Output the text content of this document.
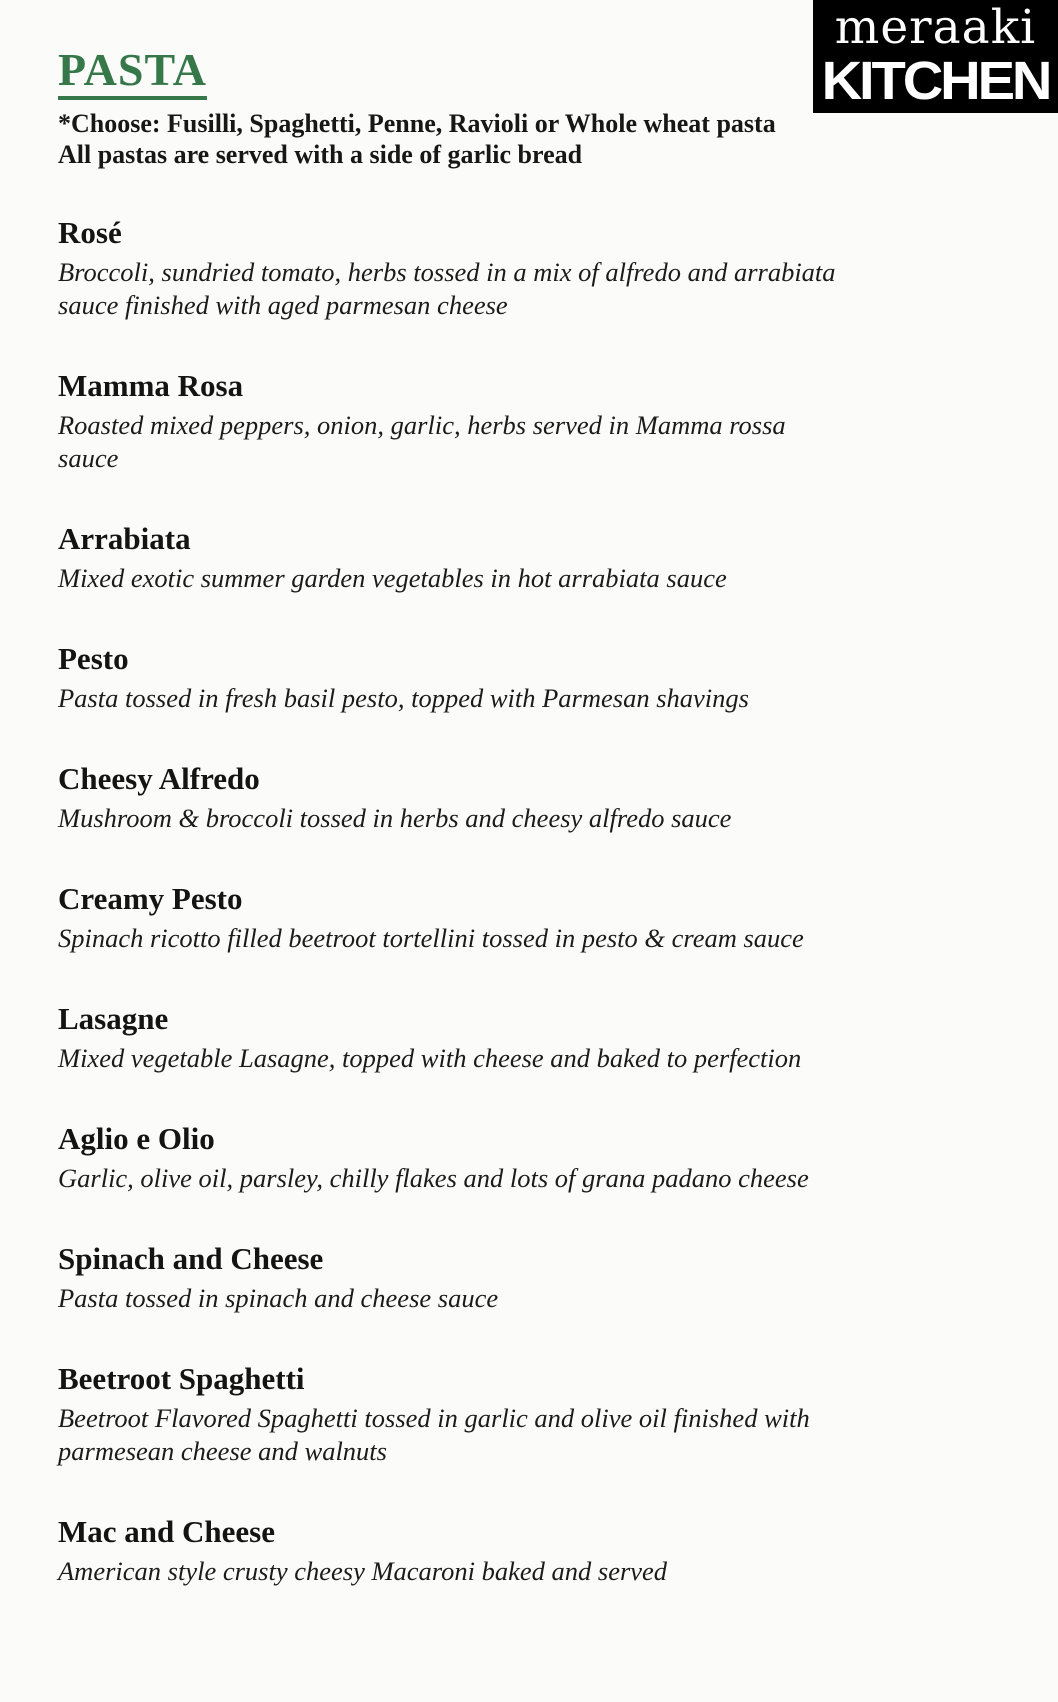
meraaki
KITCHEN
PASTA

*Choose: Fusilli, Spaghetti, Penne, Ravioli or Whole wheat pasta

All pastas are served with a side of garlic bread

Rosé

Broccoli, sundried tomato, herbs tossed in a mix of alfredo and arrabiata sauce finished with aged parmesan cheese

Mamma Rosa

Roasted mixed peppers, onion, garlic, herbs served in Mamma rossa sauce

Arrabiata

Mixed exotic summer garden vegetables in hot arrabiata sauce

Pesto

Pasta tossed in fresh basil pesto, topped with Parmesan shavings

Cheesy Alfredo

Mushroom & broccoli tossed in herbs and cheesy alfredo sauce

Creamy Pesto

Spinach ricotto filled beetroot tortellini tossed in pesto & cream sauce

Lasagne

Mixed vegetable Lasagne, topped with cheese and baked to perfection

Aglio e Olio

Garlic, olive oil, parsley, chilly flakes and lots of grana padano cheese

Spinach and Cheese

Pasta tossed in spinach and cheese sauce

Beetroot Spaghetti

Beetroot Flavored Spaghetti tossed in garlic and olive oil finished with parmesean cheese and walnuts

Mac and Cheese

American style crusty cheesy Macaroni baked and served
